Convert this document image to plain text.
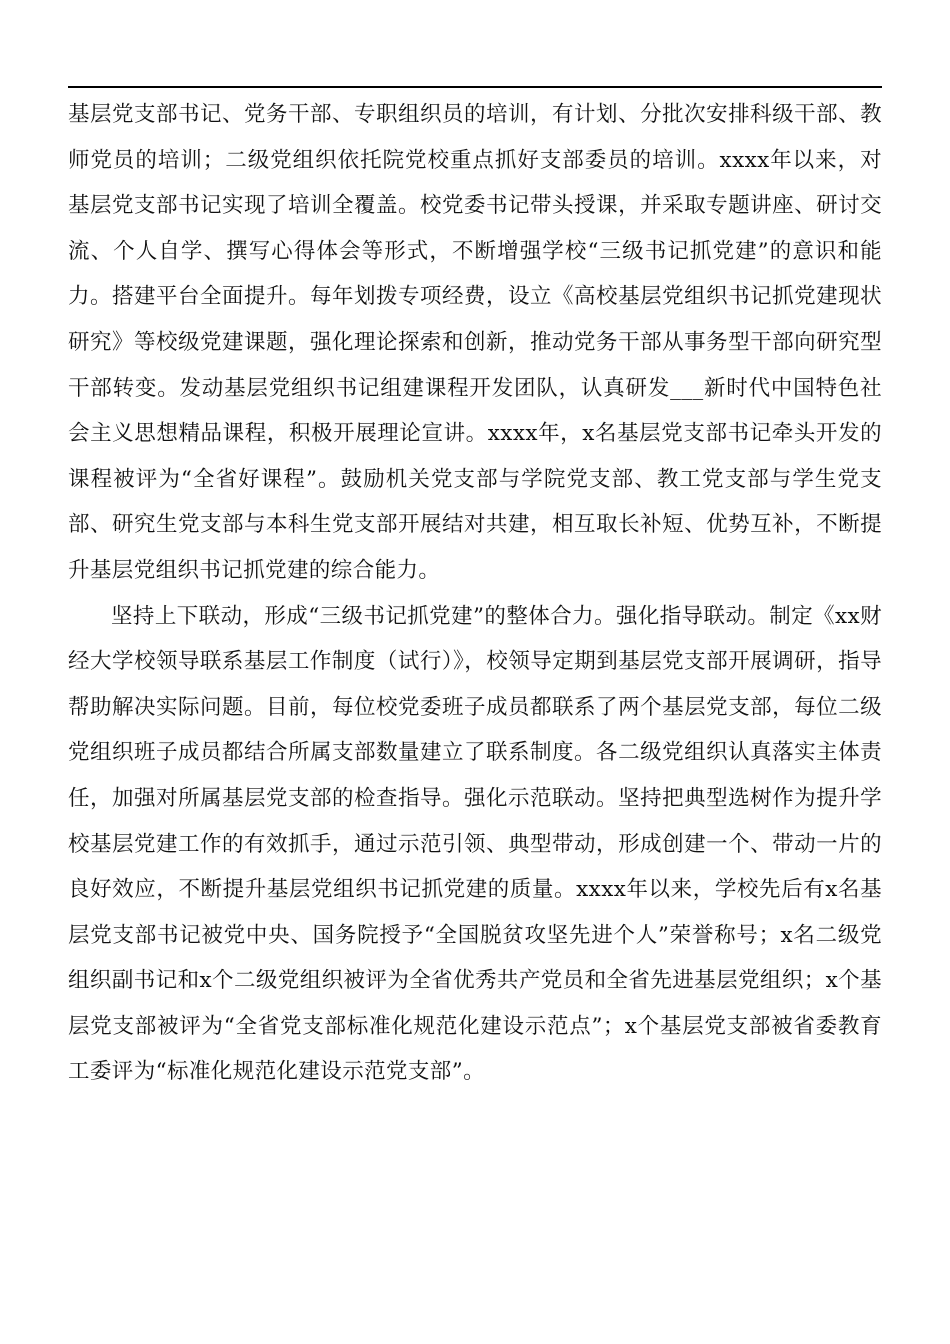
基层党支部书记、党务干部、专职组织员的培训，有计划、分批次安排科级干部、教师党员的培训；二级党组织依托院党校重点抓好支部委员的培训。xxxx年以来，对基层党支部书记实现了培训全覆盖。校党委书记带头授课，并采取专题讲座、研讨交流、个人自学、撰写心得体会等形式，不断增强学校“三级书记抓党建”的意识和能力。搭建平台全面提升。每年划拨专项经费，设立《高校基层党组织书记抓党建现状研究》等校级党建课题，强化理论探索和创新，推动党务干部从事务型干部向研究型干部转变。发动基层党组织书记组建课程开发团队，认真研发___新时代中国特色社会主义思想精品课程，积极开展理论宣讲。xxxx年，x名基层党支部书记牵头开发的课程被评为“全省好课程”。鼓励机关党支部与学院党支部、教工党支部与学生党支部、研究生党支部与本科生党支部开展结对共建，相互取长补短、优势互补，不断提升基层党组织书记抓党建的综合能力。

坚持上下联动，形成“三级书记抓党建”的整体合力。强化指导联动。制定《xx财经大学校领导联系基层工作制度（试行）》，校领导定期到基层党支部开展调研，指导帮助解决实际问题。目前，每位校党委班子成员都联系了两个基层党支部，每位二级党组织班子成员都结合所属支部数量建立了联系制度。各二级党组织认真落实主体责任，加强对所属基层党支部的检查指导。强化示范联动。坚持把典型选树作为提升学校基层党建工作的有效抓手，通过示范引领、典型带动，形成创建一个、带动一片的良好效应，不断提升基层党组织书记抓党建的质量。xxxx年以来，学校先后有x名基层党支部书记被党中央、国务院授予“全国脱贫攻坚先进个人”荣誉称号；x名二级党组织副书记和x个二级党组织被评为全省优秀共产党员和全省先进基层党组织；x个基层党支部被评为“全省党支部标准化规范化建设示范点”；x个基层党支部被省委教育工委评为“标准化规范化建设示范党支部”。
